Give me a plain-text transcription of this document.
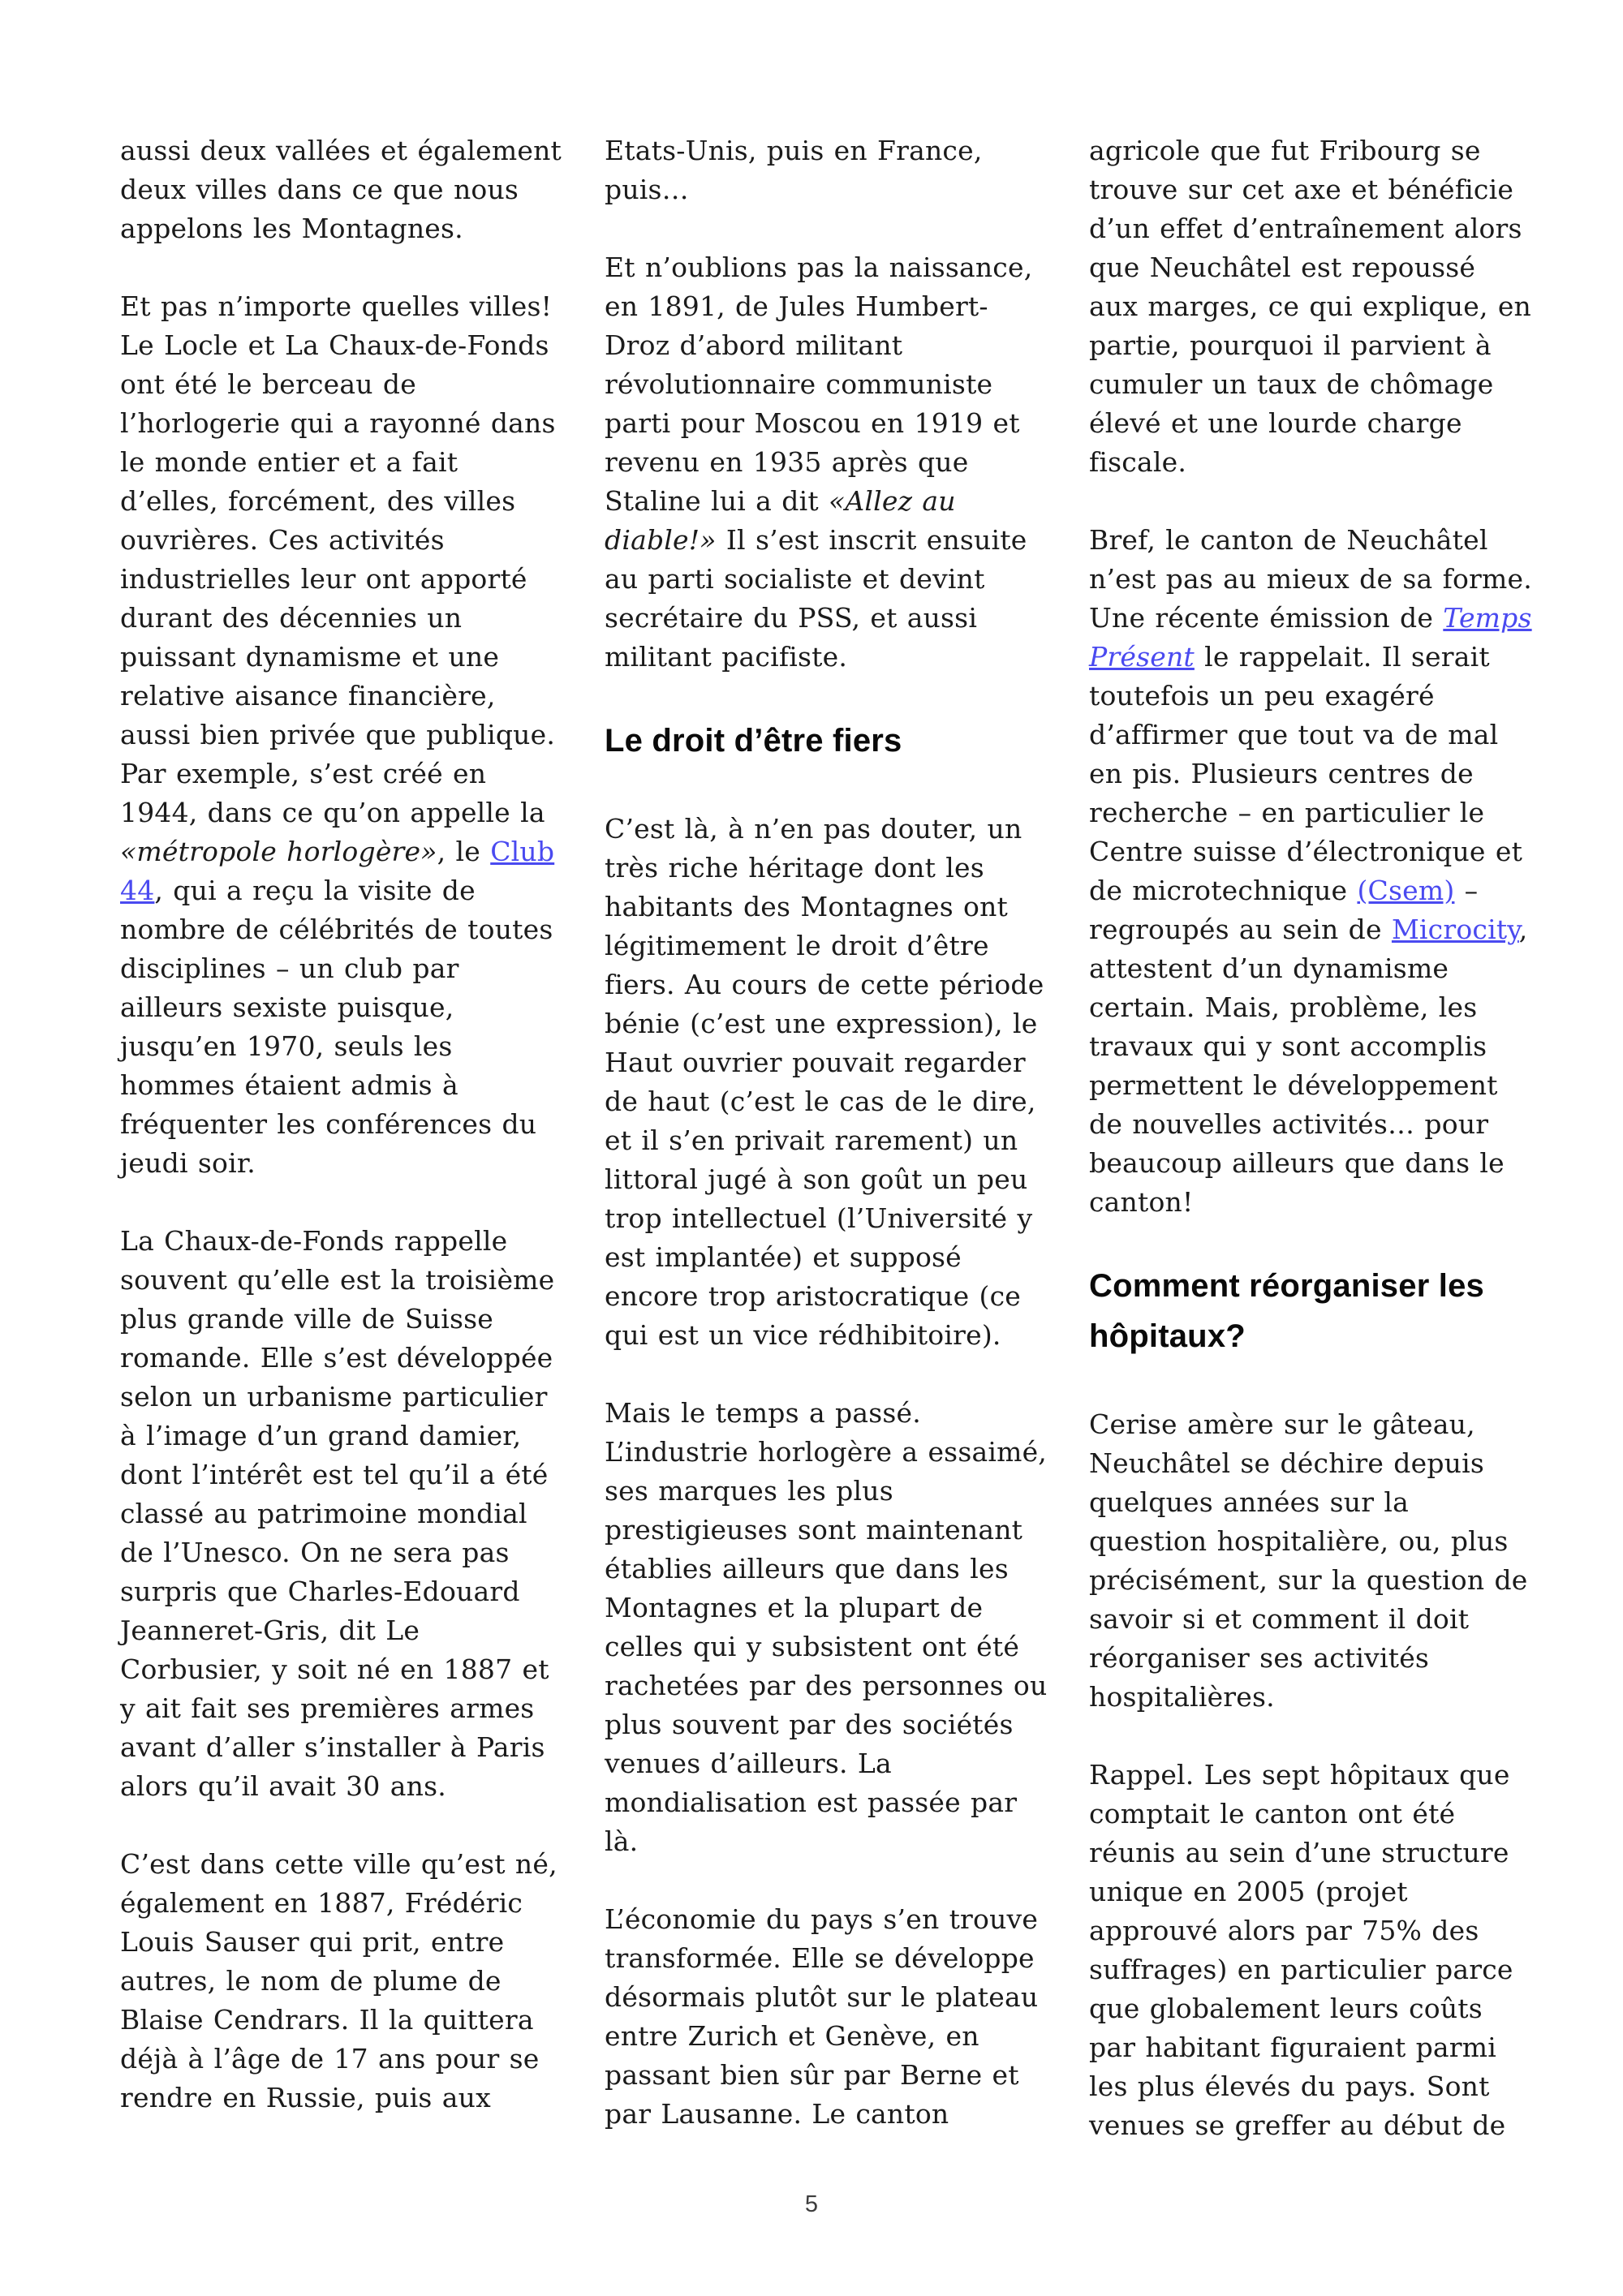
aussi deux vallées et également deux villes dans ce que nous appelons les Montagnes.

Et pas n’importe quelles villes! Le Locle et La Chaux-de-Fonds ont été le berceau de l’horlogerie qui a rayonné dans le monde entier et a fait d’elles, forcément, des villes ouvrières. Ces activités industrielles leur ont apporté durant des décennies un puissant dynamisme et une relative aisance financière, aussi bien privée que publique. Par exemple, s’est créé en 1944, dans ce qu’on appelle la «métropole horlogère», le Club 44, qui a reçu la visite de nombre de célébrités de toutes disciplines – un club par ailleurs sexiste puisque, jusqu’en 1970, seuls les hommes étaient admis à fréquenter les conférences du jeudi soir.

La Chaux-de-Fonds rappelle souvent qu’elle est la troisième plus grande ville de Suisse romande. Elle s’est développée selon un urbanisme particulier à l’image d’un grand damier, dont l’intérêt est tel qu’il a été classé au patrimoine mondial de l’Unesco. On ne sera pas surpris que Charles-Edouard Jeanneret-Gris, dit Le Corbusier, y soit né en 1887 et y ait fait ses premières armes avant d’aller s’installer à Paris alors qu’il avait 30 ans.

C’est dans cette ville qu’est né, également en 1887, Frédéric Louis Sauser qui prit, entre autres, le nom de plume de Blaise Cendrars. Il la quittera déjà à l’âge de 17 ans pour se rendre en Russie, puis aux

Etats-Unis, puis en France, puis…

Et n’oublions pas la naissance, en 1891, de Jules Humbert-Droz d’abord militant révolutionnaire communiste parti pour Moscou en 1919 et revenu en 1935 après que Staline lui a dit «Allez au diable!» Il s’est inscrit ensuite au parti socialiste et devint secrétaire du PSS, et aussi militant pacifiste.

Le droit d’être fiers

C’est là, à n’en pas douter, un très riche héritage dont les habitants des Montagnes ont légitimement le droit d’être fiers. Au cours de cette période bénie (c’est une expression), le Haut ouvrier pouvait regarder de haut (c’est le cas de le dire, et il s’en privait rarement) un littoral jugé à son goût un peu trop intellectuel (l’Université y est implantée) et supposé encore trop aristocratique (ce qui est un vice rédhibitoire).

Mais le temps a passé. L’industrie horlogère a essaimé, ses marques les plus prestigieuses sont maintenant établies ailleurs que dans les Montagnes et la plupart de celles qui y subsistent ont été rachetées par des personnes ou plus souvent par des sociétés venues d’ailleurs. La mondialisation est passée par là.

L’économie du pays s’en trouve transformée. Elle se développe désormais plutôt sur le plateau entre Zurich et Genève, en passant bien sûr par Berne et par Lausanne. Le canton

agricole que fut Fribourg se trouve sur cet axe et bénéficie d’un effet d’entraînement alors que Neuchâtel est repoussé aux marges, ce qui explique, en partie, pourquoi il parvient à cumuler un taux de chômage élevé et une lourde charge fiscale.

Bref, le canton de Neuchâtel n’est pas au mieux de sa forme. Une récente émission de Temps Présent le rappelait. Il serait toutefois un peu exagéré d’affirmer que tout va de mal en pis. Plusieurs centres de recherche – en particulier le Centre suisse d’électronique et de microtechnique (Csem) – regroupés au sein de Microcity, attestent d’un dynamisme certain. Mais, problème, les travaux qui y sont accomplis permettent le développement de nouvelles activités… pour beaucoup ailleurs que dans le canton!

Comment réorganiser les hôpitaux?

Cerise amère sur le gâteau, Neuchâtel se déchire depuis quelques années sur la question hospitalière, ou, plus précisément, sur la question de savoir si et comment il doit réorganiser ses activités hospitalières.

Rappel. Les sept hôpitaux que comptait le canton ont été réunis au sein d’une structure unique en 2005 (projet approuvé alors par 75% des suffrages) en particulier parce que globalement leurs coûts par habitant figuraient parmi les plus élevés du pays. Sont venues se greffer au début de

5
